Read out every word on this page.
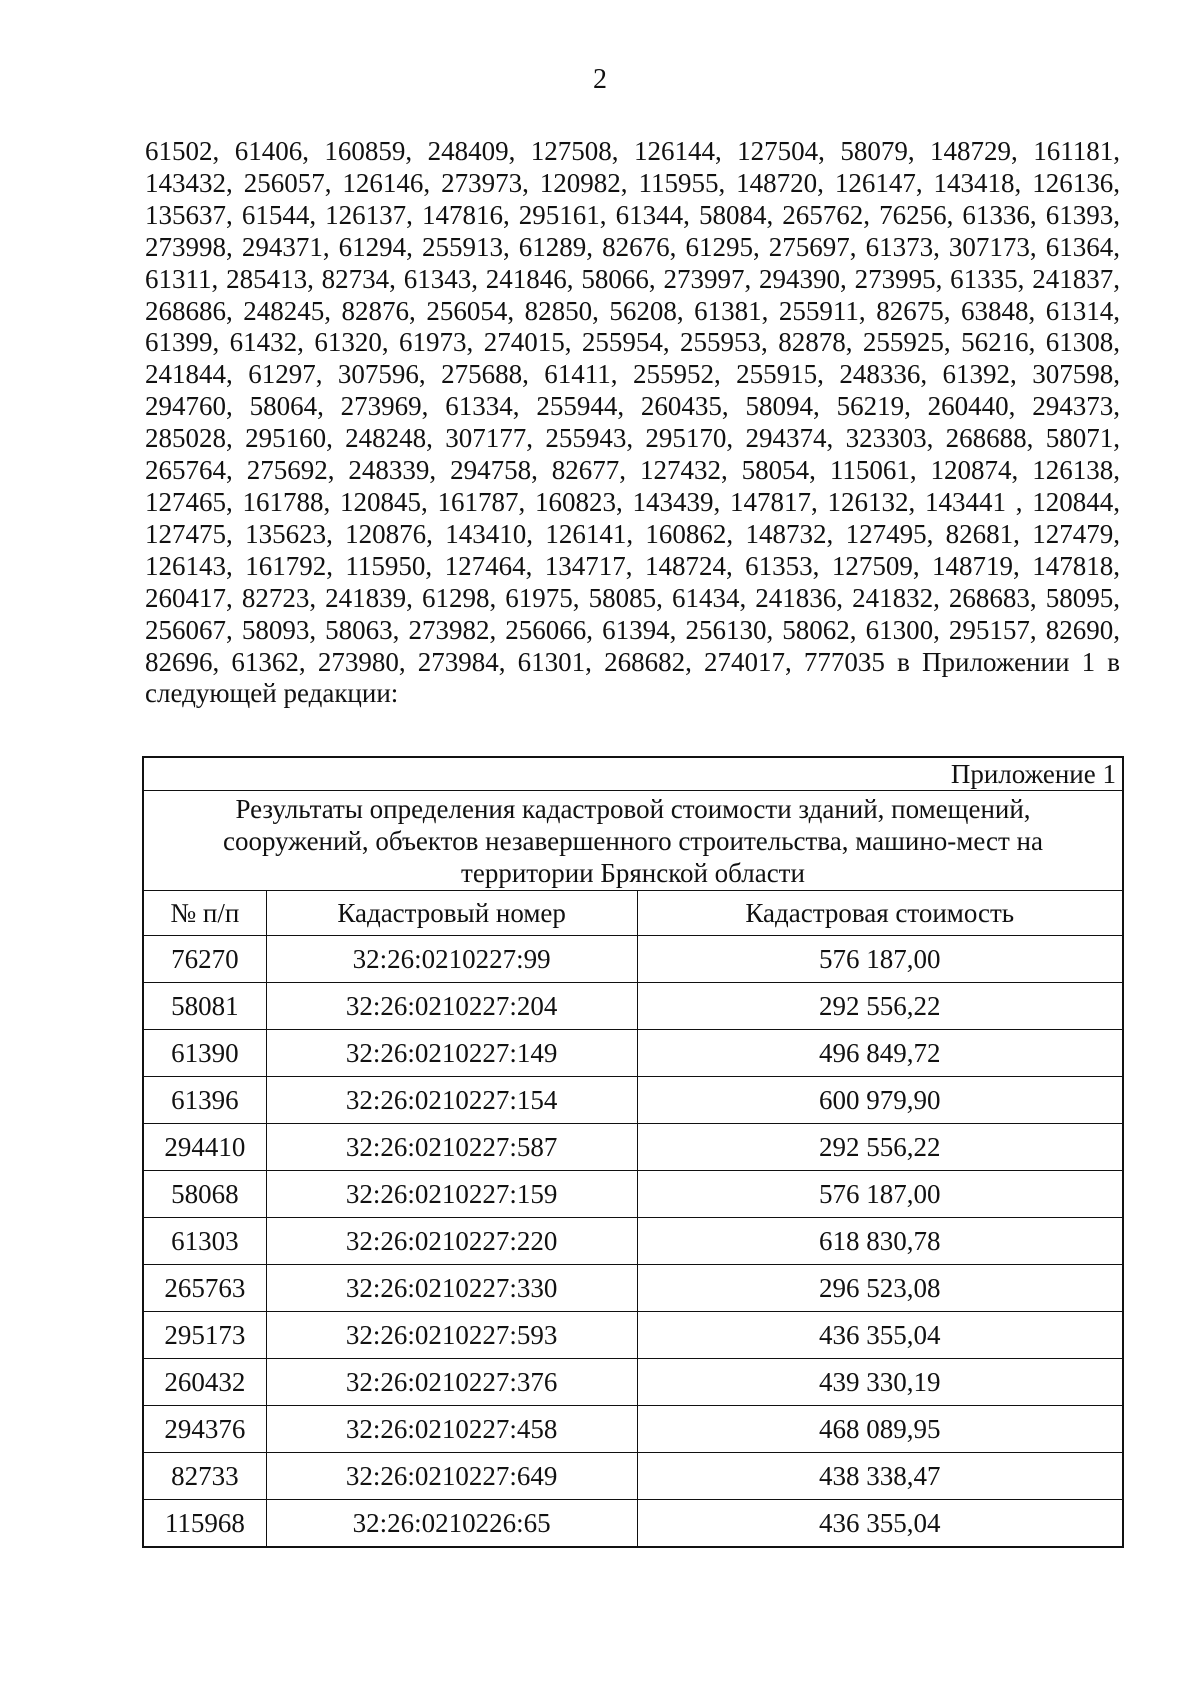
2

61502, 61406, 160859, 248409, 127508, 126144, 127504, 58079, 148729, 161181, 143432, 256057, 126146, 273973, 120982, 115955, 148720, 126147, 143418, 126136, 135637, 61544, 126137, 147816, 295161, 61344, 58084, 265762, 76256, 61336, 61393, 273998, 294371, 61294, 255913, 61289, 82676, 61295, 275697, 61373, 307173, 61364, 61311, 285413, 82734, 61343, 241846, 58066, 273997, 294390, 273995, 61335, 241837, 268686, 248245, 82876, 256054, 82850, 56208, 61381, 255911, 82675, 63848, 61314, 61399, 61432, 61320, 61973, 274015, 255954, 255953, 82878, 255925, 56216, 61308, 241844, 61297, 307596, 275688, 61411, 255952, 255915, 248336, 61392, 307598, 294760, 58064, 273969, 61334, 255944, 260435, 58094, 56219, 260440, 294373, 285028, 295160, 248248, 307177, 255943, 295170, 294374, 323303, 268688, 58071, 265764, 275692, 248339, 294758, 82677, 127432, 58054, 115061, 120874, 126138, 127465, 161788, 120845, 161787, 160823, 143439, 147817, 126132, 143441 , 120844, 127475, 135623, 120876, 143410, 126141, 160862, 148732, 127495, 82681, 127479, 126143, 161792, 115950, 127464, 134717, 148724, 61353, 127509, 148719, 147818, 260417, 82723, 241839, 61298, 61975, 58085, 61434, 241836, 241832, 268683, 58095, 256067, 58093, 58063, 273982, 256066, 61394, 256130, 58062, 61300, 295157, 82690, 82696, 61362, 273980, 273984, 61301, 268682, 274017, 777035 в Приложении 1 в следующей редакции:

Приложение 1		
Результаты определения кадастровой стоимости зданий, помещений, сооружений, объектов незавершенного строительства, машино-мест на территории Брянской области		
№ п/п	Кадастровый номер	Кадастровая стоимость
76270	32:26:0210227:99	576 187,00
58081	32:26:0210227:204	292 556,22
61390	32:26:0210227:149	496 849,72
61396	32:26:0210227:154	600 979,90
294410	32:26:0210227:587	292 556,22
58068	32:26:0210227:159	576 187,00
61303	32:26:0210227:220	618 830,78
265763	32:26:0210227:330	296 523,08
295173	32:26:0210227:593	436 355,04
260432	32:26:0210227:376	439 330,19
294376	32:26:0210227:458	468 089,95
82733	32:26:0210227:649	438 338,47
115968	32:26:0210226:65	436 355,04
